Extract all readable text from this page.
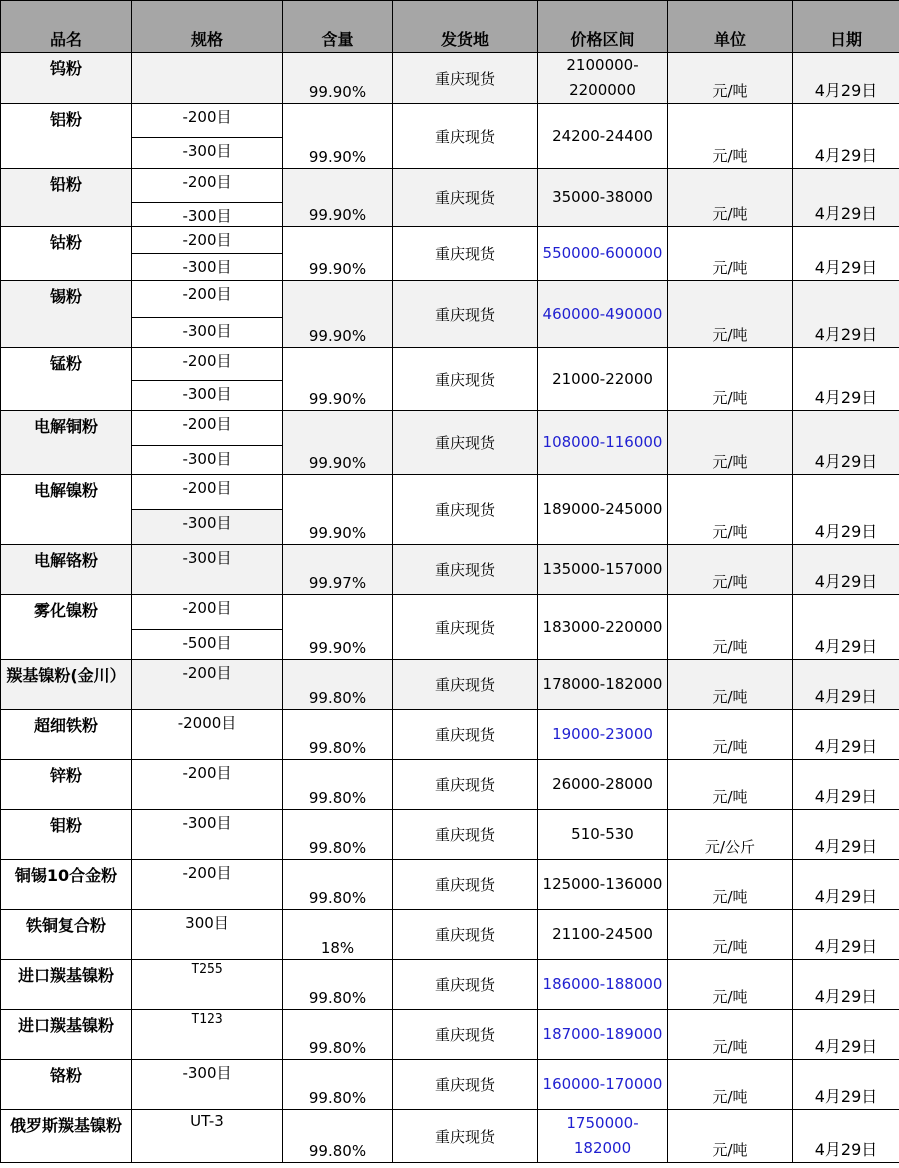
品名	规格	含量	发货地	价格区间	单位	日期
钨粉		99.90%	重庆现货	2100000-2200000	元/吨	4月29日
铝粉	-200目	99.90%	重庆现货	24200-24400	元/吨	4月29日
	-300目					
铅粉	-200目	99.90%	重庆现货	35000-38000	元/吨	4月29日
	-300目					
钴粉	-200目	99.90%	重庆现货	550000-600000	元/吨	4月29日
	-300目					
锡粉	-200目	99.90%	重庆现货	460000-490000	元/吨	4月29日
	-300目					
锰粉	-200目	99.90%	重庆现货	21000-22000	元/吨	4月29日
	-300目					
电解铜粉	-200目	99.90%	重庆现货	108000-116000	元/吨	4月29日
	-300目					
电解镍粉	-200目	99.90%	重庆现货	189000-245000	元/吨	4月29日
	-300目					
电解铬粉	-300目	99.97%	重庆现货	135000-157000	元/吨	4月29日
雾化镍粉	-200目	99.90%	重庆现货	183000-220000	元/吨	4月29日
	-500目					
羰基镍粉(金川）	-200目	99.80%	重庆现货	178000-182000	元/吨	4月29日
超细铁粉	-2000目	99.80%	重庆现货	19000-23000	元/吨	4月29日
锌粉	-200目	99.80%	重庆现货	26000-28000	元/吨	4月29日
钼粉	-300目	99.80%	重庆现货	510-530	元/公斤	4月29日
铜锡10合金粉	-200目	99.80%	重庆现货	125000-136000	元/吨	4月29日
铁铜复合粉	300目	18%	重庆现货	21100-24500	元/吨	4月29日
进口羰基镍粉	T255	99.80%	重庆现货	186000-188000	元/吨	4月29日
进口羰基镍粉	T123	99.80%	重庆现货	187000-189000	元/吨	4月29日
铬粉	-300目	99.80%	重庆现货	160000-170000	元/吨	4月29日
俄罗斯羰基镍粉	UT-3	99.80%	重庆现货	1750000-182000	元/吨	4月29日
